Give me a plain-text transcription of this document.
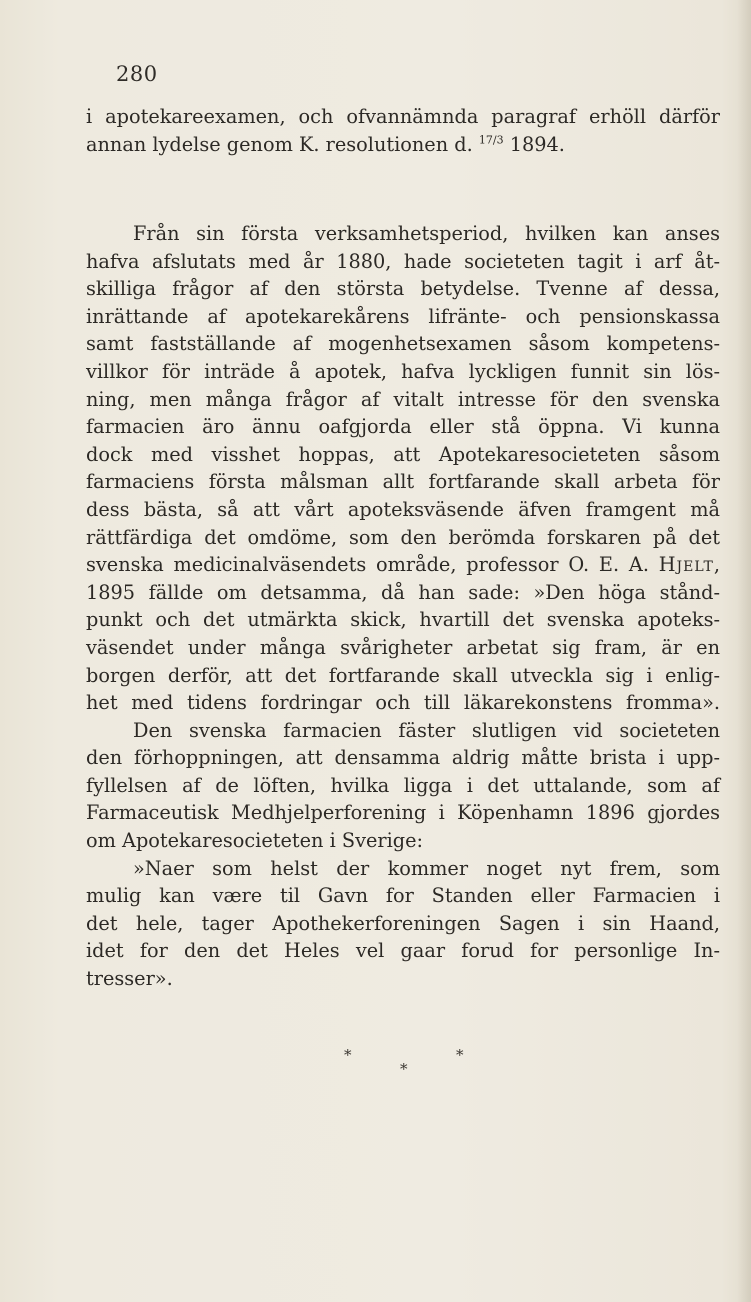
280
i apotekareexamen, och ofvannämnda paragraf erhöll därför
annan lydelse genom K. resolutionen d. $^{17/3}$ 1894.
Från sin första verksamhetsperiod, hvilken kan anses
hafva afslutats med år 1880, hade societeten tagit i arf åt-
skilliga frågor af den största betydelse. Tvenne af dessa,
inrättande af apotekarekårens lifränte- och pensionskassa
samt fastställande af mogenhetsexamen såsom kompetens-
villkor för inträde å apotek, hafva lyckligen funnit sin lös-
ning, men många frågor af vitalt intresse för den svenska
farmacien äro ännu oafgjorda eller stå öppna. Vi kunna
dock med visshet hoppas, att Apotekaresocieteten såsom
farmaciens första målsman allt fortfarande skall arbeta för
dess bästa, så att vårt apoteksväsende äfven framgent må
rättfärdiga det omdöme, som den berömda forskaren på det
svenska medicinalväsendets område, professor O. E. A. Hjelt,
1895 fällde om detsamma, då han sade: »Den höga stånd-
punkt och det utmärkta skick, hvartill det svenska apoteks-
väsendet under många svårigheter arbetat sig fram, är en
borgen derför, att det fortfarande skall utveckla sig i enlig-
het med tidens fordringar och till läkarekonstens fromma».
Den svenska farmacien fäster slutligen vid societeten
den förhoppningen, att densamma aldrig måtte brista i upp-
fyllelsen af de löften, hvilka ligga i det uttalande, som af
Farmaceutisk Medhjelperforening i Köpenhamn 1896 gjordes
om Apotekaresocieteten i Sverige:
»Naer som helst der kommer noget nyt frem, som
mulig kan være til Gavn for Standen eller Farmacien i
det hele, tager Apothekerforeningen Sagen i sin Haand,
idet for den det Heles vel gaar forud for personlige In-
tresser».
*	*
*
